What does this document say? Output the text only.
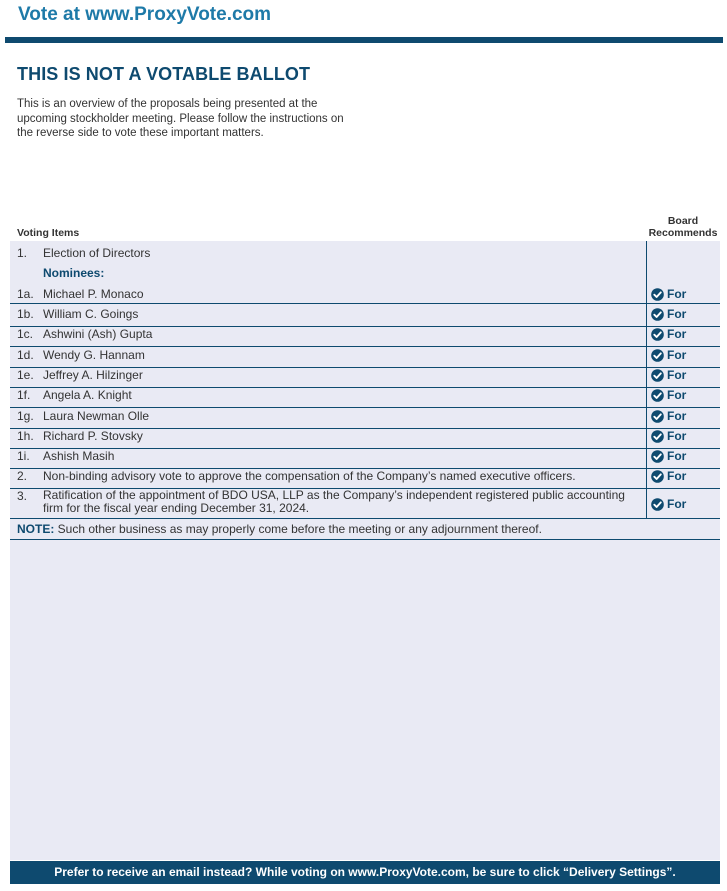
Vote at www.ProxyVote.com
THIS IS NOT A VOTABLE BALLOT
This is an overview of the proposals being presented at the upcoming stockholder meeting. Please follow the instructions on the reverse side to vote these important matters.
Voting Items
Board
Recommends
1. Election of Directors
Nominees:
1a. Michael P. Monaco	For
1b. William C. Goings	For
1c. Ashwini (Ash) Gupta	For
1d. Wendy G. Hannam	For
1e. Jeffrey A. Hilzinger	For
1f. Angela A. Knight	For
1g. Laura Newman Olle	For
1h. Richard P. Stovsky	For
1i. Ashish Masih	For
2. Non-binding advisory vote to approve the compensation of the Company’s named executive officers.	For
3. Ratification of the appointment of BDO USA, LLP as the Company’s independent registered public accounting firm for the fiscal year ending December 31, 2024.	For
NOTE: Such other business as may properly come before the meeting or any adjournment thereof.
Prefer to receive an email instead? While voting on www.ProxyVote.com, be sure to click “Delivery Settings”.
